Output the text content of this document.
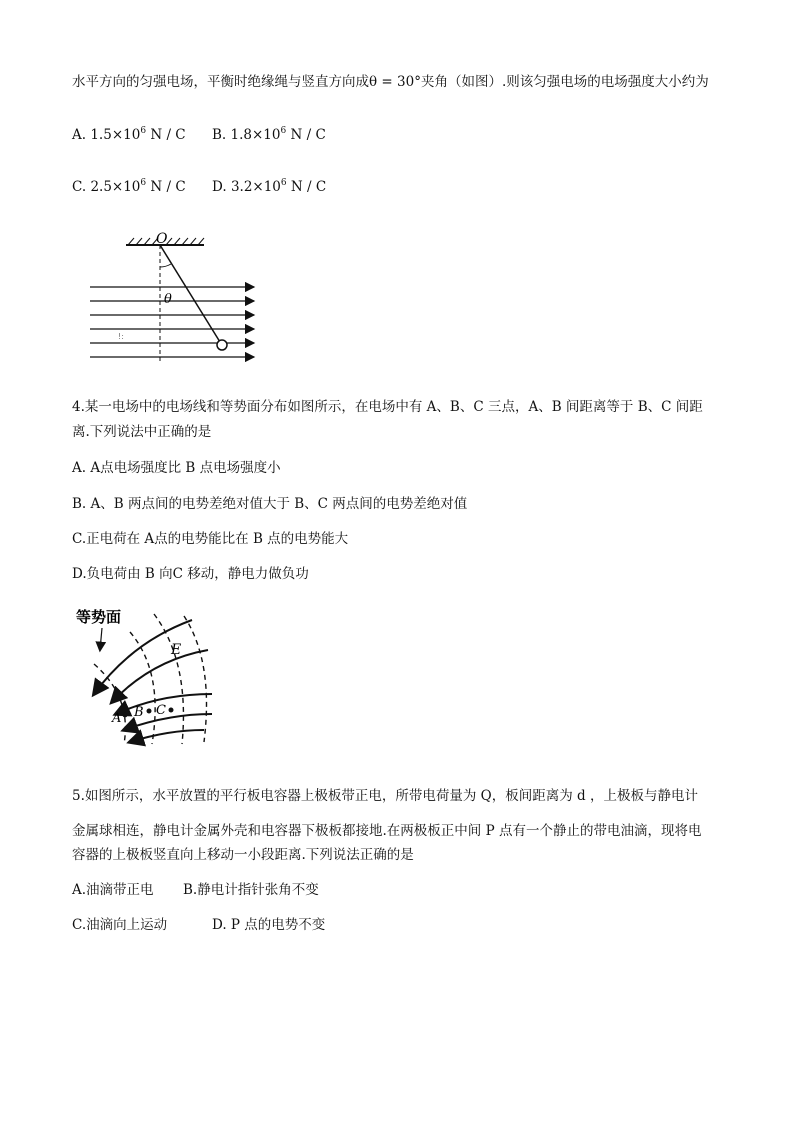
水平方向的匀强电场，平衡时绝缘绳与竖直方向成θ = 30°夹角（如图）.则该匀强电场的电场强度大小约为
A. $1.5\times 10^6$ N / C B. $1.8\times 10^6$ N / C
C. $2.5\times 10^6$ N / C D. $3.2\times 10^6$ N / C
O
θ
!:
4.某一电场中的电场线和等势面分布如图所示，在电场中有 A、B、C 三点，A、B 间距离等于 B、C 间距
离.下列说法中正确的是
A. A点电场强度比 B 点电场强度小
B. A、B 两点间的电势差绝对值大于 B、C 两点间的电势差绝对值
C.正电荷在 A点的电势能比在 B 点的电势能大
D.负电荷由 B 向C 移动，静电力做负功
等势面
E
A B C
5.如图所示，水平放置的平行板电容器上极板带正电，所带电荷量为 Q，板间距离为 d ，上极板与静电计
金属球相连，静电计金属外壳和电容器下极板都接地.在两极板正中间 P 点有一个静止的带电油滴，现将电
容器的上极板竖直向上移动一小段距离.下列说法正确的是
A.油滴带正电 B.静电计指针张角不变
C.油滴向上运动	D. P 点的电势不变
